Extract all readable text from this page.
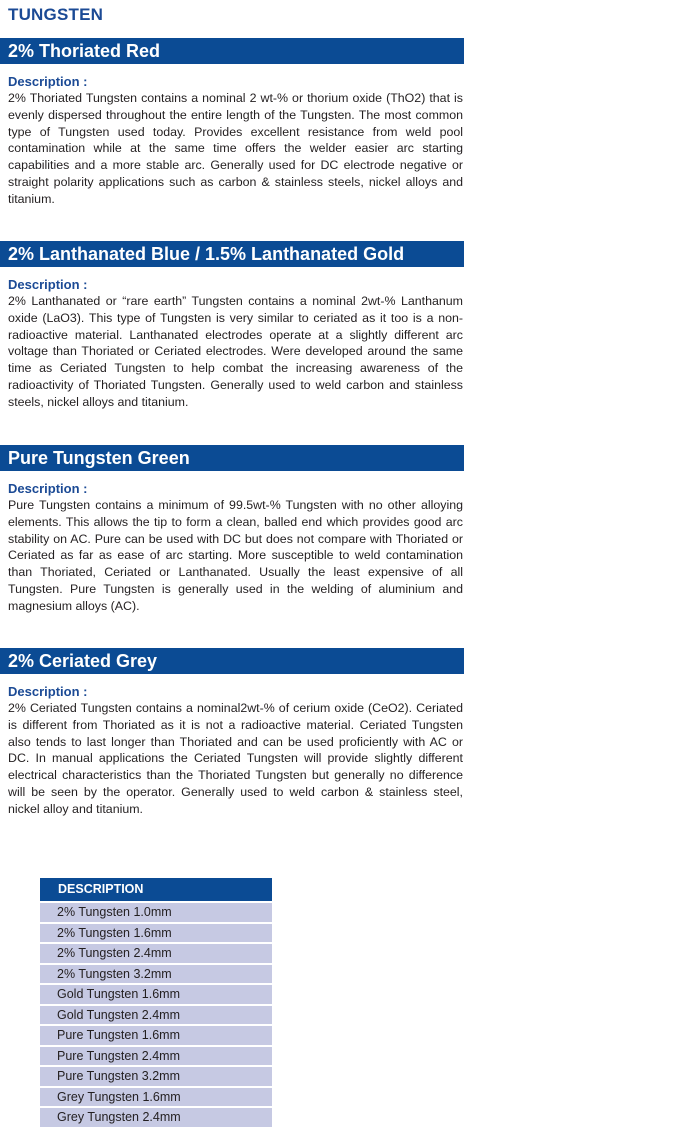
TUNGSTEN
2% Thoriated Red
Description :
2% Thoriated Tungsten contains a nominal 2 wt-% or thorium oxide (ThO2) that is evenly dispersed throughout the entire length of the Tungsten. The most common type of Tungsten used today. Provides excellent resistance from weld pool contamination while at the same time offers the welder easier arc starting capabilities and a more stable arc. Generally used for DC electrode negative or straight polarity applications such as carbon & stainless steels, nickel alloys and titanium.
2% Lanthanated Blue / 1.5% Lanthanated Gold
Description :
2% Lanthanated or “rare earth” Tungsten contains a nominal 2wt-% Lanthanum oxide (LaO3). This type of Tungsten is very similar to ceriated as it too is a non-radioactive material. Lanthanated electrodes operate at a slightly different arc voltage than Thoriated or Ceriated electrodes. Were developed around the same time as Ceriated Tungsten to help combat the increasing awareness of the radioactivity of Thoriated Tungsten. Generally used to weld carbon and stainless steels, nickel alloys and titanium.
Pure Tungsten Green
Description :
Pure Tungsten contains a minimum of 99.5wt-% Tungsten with no other alloying elements. This allows the tip to form a clean, balled end which provides good arc stability on AC. Pure can be used with DC but does not compare with Thoriated or Ceriated as far as ease of arc starting. More susceptible to weld contamination than Thoriated, Ceriated or Lanthanated. Usually the least expensive of all Tungsten. Pure Tungsten is generally used in the welding of aluminium and magnesium alloys (AC).
2% Ceriated Grey
Description :
2% Ceriated Tungsten contains a nominal2wt-% of cerium oxide (CeO2). Ceriated is different from Thoriated as it is not a radioactive material. Ceriated Tungsten also tends to last longer than Thoriated and can be used proficiently with AC or DC. In manual applications the Ceriated Tungsten will provide slightly different electrical characteristics than the Thoriated Tungsten but generally no difference will be seen by the operator. Generally used to weld carbon & stainless steel, nickel alloy and titanium.
DESCRIPTION
2% Tungsten 1.0mm
2% Tungsten 1.6mm
2% Tungsten 2.4mm
2% Tungsten 3.2mm
Gold Tungsten 1.6mm
Gold Tungsten 2.4mm
Pure Tungsten 1.6mm
Pure Tungsten 2.4mm
Pure Tungsten 3.2mm
Grey Tungsten 1.6mm
Grey Tungsten 2.4mm
